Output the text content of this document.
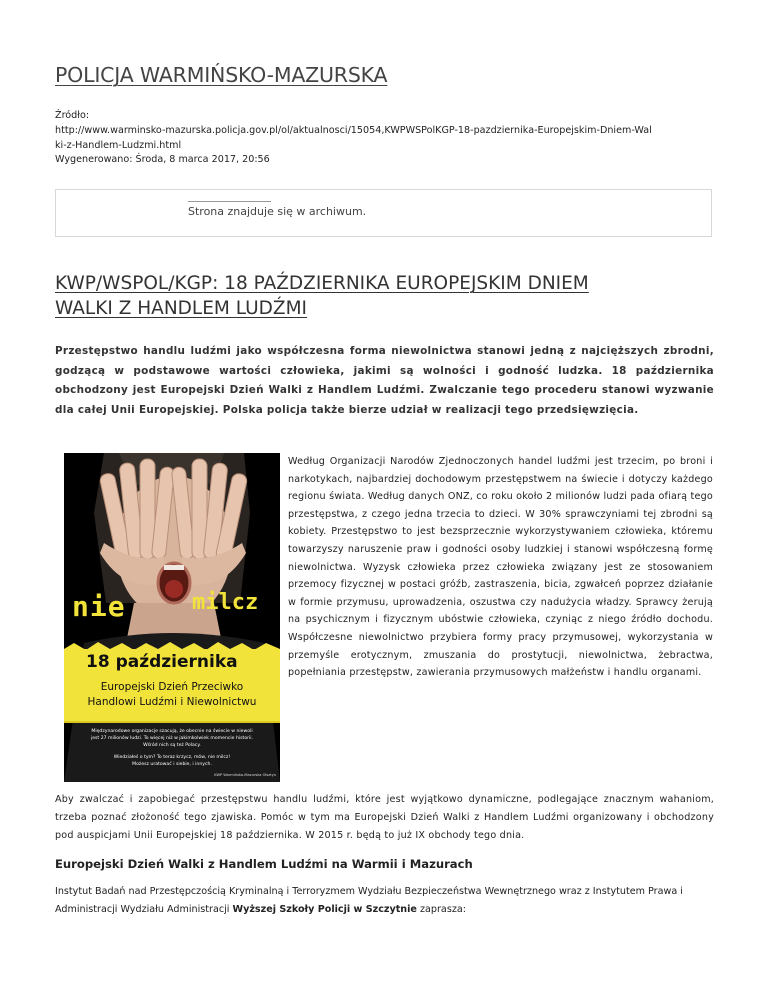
POLICJA WARMIŃSKO-MAZURSKA
Źródło:
http://www.warminsko-mazurska.policja.gov.pl/ol/aktualnosci/15054,KWPWSPolKGP-18-pazdziernika-Europejskim-Dniem-Wal
ki-z-Handlem-Ludzmi.html
Wygenerowano: Środa, 8 marca 2017, 20:56
Strona znajduje się w archiwum.
KWP/WSPOL/KGP: 18 PAŹDZIERNIKA EUROPEJSKIM DNIEM
WALKI Z HANDLEM LUDŹMI

Przestępstwo handlu ludźmi jako współczesna forma niewolnictwa stanowi jedną z najcięższych zbrodni, godzącą w podstawowe wartości człowieka, jakimi są wolności i godność ludzka. 18 października obchodzony jest Europejski Dzień Walki z Handlem Ludźmi. Zwalczanie tego procederu stanowi wyzwanie dla całej Unii Europejskiej. Polska policja także bierze udział w realizacji tego przedsięwzięcia.

nie	milcz
18 października
Europejski Dzień Przeciwko
Handlowi Ludźmi i Niewolnictwu
Międzynarodowe organizacje szacują, że obecnie na świecie w niewoli
jest 27 milionów ludzi. To więcej niż w jakimkolwiek momencie historii.
Wśród nich są też Polacy.
Wiedziałeś o tym? To teraz krzycz, mów, nie milcz!
Możesz uratować i siebie, i innych.
KWP Warmińsko-Mazurska Olsztyn

Według Organizacji Narodów Zjednoczonych handel ludźmi jest trzecim, po broni i narkotykach, najbardziej dochodowym przestępstwem na świecie i dotyczy każdego regionu świata. Według danych ONZ, co roku około 2 milionów ludzi pada ofiarą tego przestępstwa, z czego jedna trzecia to dzieci. W 30% sprawczyniami tej zbrodni są kobiety. Przestępstwo to jest bezsprzecznie wykorzystywaniem człowieka, któremu towarzyszy naruszenie praw i godności osoby ludzkiej i stanowi współczesną formę niewolnictwa. Wyzysk człowieka przez człowieka związany jest ze stosowaniem przemocy fizycznej w postaci gróźb, zastraszenia, bicia, zgwałceń poprzez działanie w formie przymusu, uprowadzenia, oszustwa czy nadużycia władzy. Sprawcy żerują na psychicznym i fizycznym ubóstwie człowieka, czyniąc z niego źródło dochodu. Współczesne niewolnictwo przybiera formy pracy przymusowej, wykorzystania w przemyśle erotycznym, zmuszania do prostytucji, niewolnictwa, żebractwa, popełniania przestępstw, zawierania przymusowych małżeństw i handlu organami.

Aby zwalczać i zapobiegać przestępstwu handlu ludźmi, które jest wyjątkowo dynamiczne, podlegające znacznym wahaniom, trzeba poznać złożoność tego zjawiska. Pomóc w tym ma Europejski Dzień Walki z Handlem Ludźmi organizowany i obchodzony pod auspicjami Unii Europejskiej 18 października. W 2015 r. będą to już IX obchody tego dnia.

Europejski Dzień Walki z Handlem Ludźmi na Warmii i Mazurach

Instytut Badań nad Przestępczością Kryminalną i Terroryzmem Wydziału Bezpieczeństwa Wewnętrznego wraz z Instytutem Prawa i Administracji Wydziału Administracji Wyższej Szkoły Policji w Szczytnie zaprasza:
